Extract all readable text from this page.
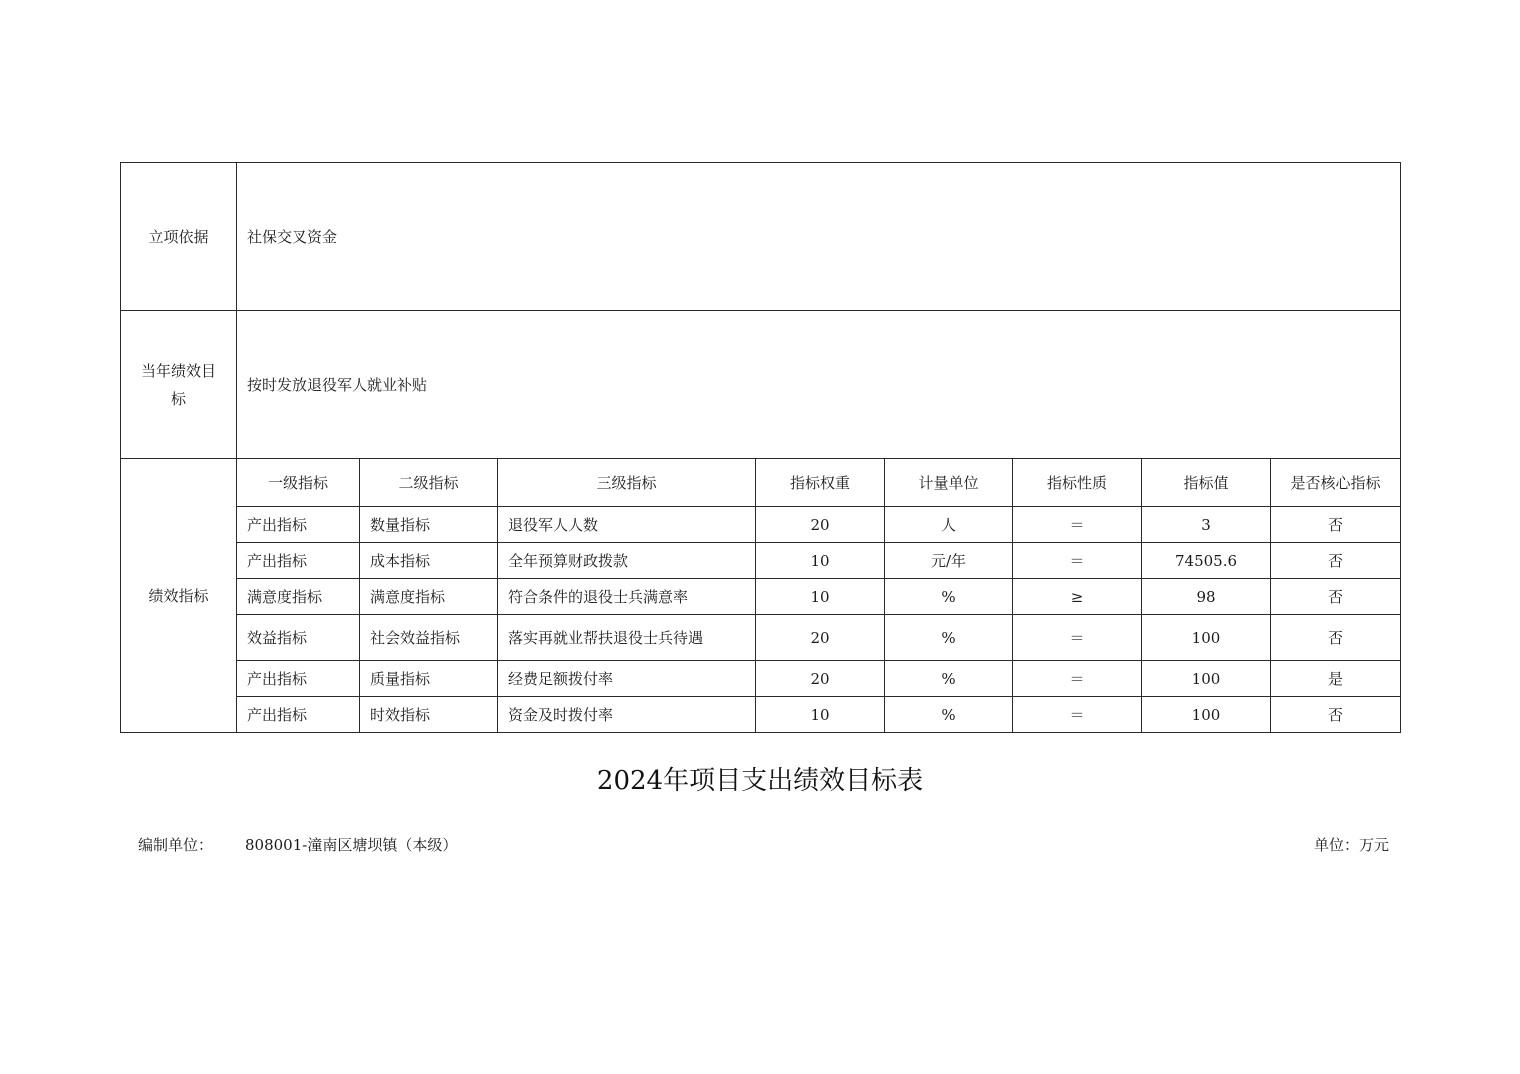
立项依据	社保交叉资金							
当年绩效目标	按时发放退役军人就业补贴							
绩效指标	一级指标	二级指标	三级指标	指标权重	计量单位	指标性质	指标值	是否核心指标
	产出指标	数量指标	退役军人人数	20	人	＝	3	否
	产出指标	成本指标	全年预算财政拨款	10	元/年	＝	74505.6	否
	满意度指标	满意度指标	符合条件的退役士兵满意率	10	%	≥	98	否
	效益指标	社会效益指标	落实再就业帮扶退役士兵待遇	20	%	＝	100	否
	产出指标	质量指标	经费足额拨付率	20	%	＝	100	是
	产出指标	时效指标	资金及时拨付率	10	%	＝	100	否
2024年项目支出绩效目标表
编制单位： 808001-潼南区塘坝镇（本级）	单位：万元
